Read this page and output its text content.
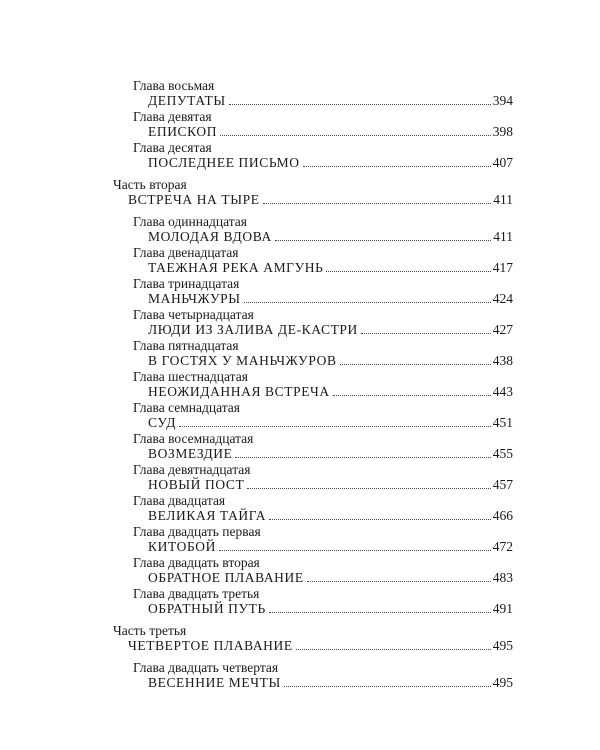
Глава восьмая
ДЕПУТАТЫ	394
Глава девятая
ЕПИСКОП	398
Глава десятая
ПОСЛЕДНЕЕ ПИСЬМО	407
Часть вторая
ВСТРЕЧА НА ТЫРЕ	411
Глава одиннадцатая
МОЛОДАЯ ВДОВА	411
Глава двенадцатая
ТАЕЖНАЯ РЕКА АМГУНЬ	417
Глава тринадцатая
МАНЬЧЖУРЫ	424
Глава четырнадцатая
ЛЮДИ ИЗ ЗАЛИВА ДЕ-КАСТРИ	427
Глава пятнадцатая
В ГОСТЯХ У МАНЬЧЖУРОВ	438
Глава шестнадцатая
НЕОЖИДАННАЯ ВСТРЕЧА	443
Глава семнадцатая
СУД	451
Глава восемнадцатая
ВОЗМЕЗДИЕ	455
Глава девятнадцатая
НОВЫЙ ПОСТ	457
Глава двадцатая
ВЕЛИКАЯ ТАЙГА	466
Глава двадцать первая
КИТОБОЙ	472
Глава двадцать вторая
ОБРАТНОЕ ПЛАВАНИЕ	483
Глава двадцать третья
ОБРАТНЫЙ ПУТЬ	491
Часть третья
ЧЕТВЕРТОЕ ПЛАВАНИЕ	495
Глава двадцать четвертая
ВЕСЕННИЕ МЕЧТЫ	495
